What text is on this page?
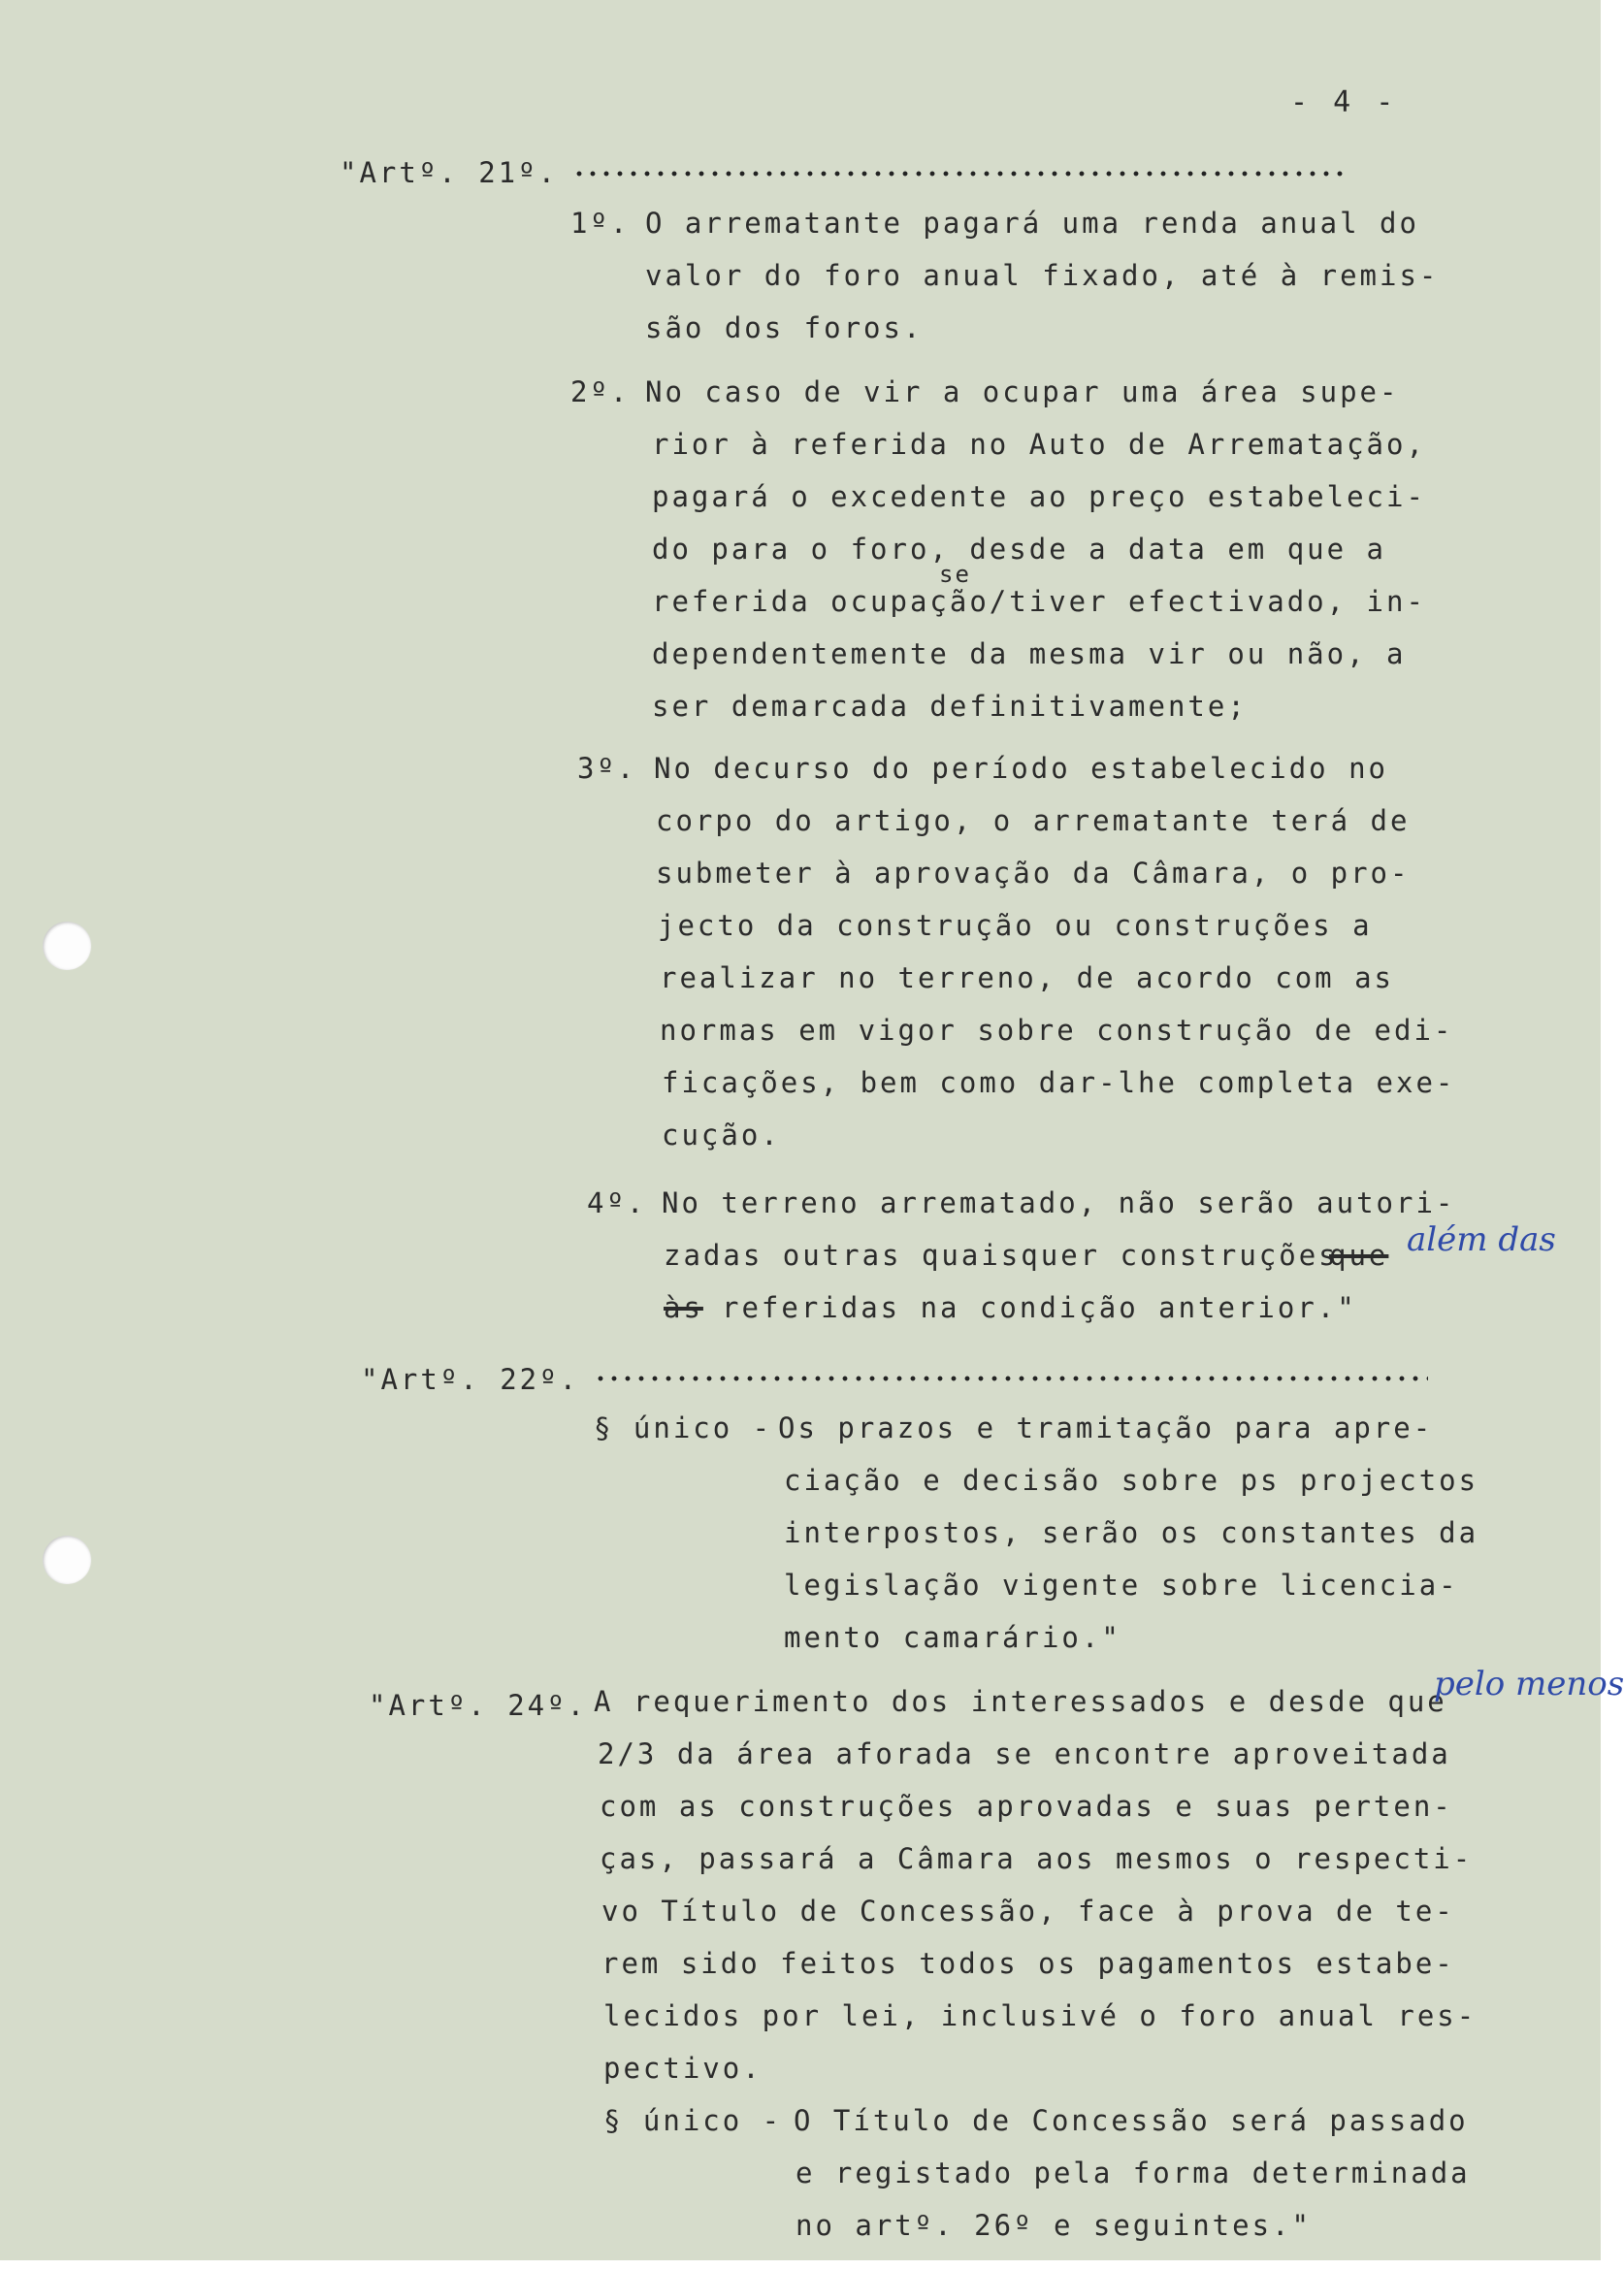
- 4 -
"Artº. 21º.
1º. O arrematante pagará uma renda anual do
valor do foro anual fixado, até à remis-
são dos foros.
2º. No caso de vir a ocupar uma área supe-
rior à referida no Auto de Arrematação,
pagará o excedente ao preço estabeleci-
do para o foro, desde a data em que a
se
referida ocupação/tiver efectivado, in-
dependentemente da mesma vir ou não, a
ser demarcada definitivamente;
3º. No decurso do período estabelecido no
corpo do artigo, o arrematante terá de
submeter à aprovação da Câmara, o pro-
jecto da construção ou construções a
realizar no terreno, de acordo com as
normas em vigor sobre construção de edi-
ficações, bem como dar-lhe completa exe-
cução.
4º. No terreno arrematado, não serão autori-
zadas outras quaisquer construções
que além das
às referidas na condição anterior."
"Artº. 22º.
§ único - Os prazos e tramitação para apre-
ciação e decisão sobre ps projectos
interpostos, serão os constantes da
legislação vigente sobre licencia-
mento camarário."
"Artº. 24º. A requerimento dos interessados e desde que
pelo menos
2/3 da área aforada se encontre aproveitada
com as construções aprovadas e suas perten-
ças, passará a Câmara aos mesmos o respecti-
vo Título de Concessão, face à prova de te-
rem sido feitos todos os pagamentos estabe-
lecidos por lei, inclusivé o foro anual res-
pectivo.
§ único - O Título de Concessão será passado
e registado pela forma determinada
no artº. 26º e seguintes."
